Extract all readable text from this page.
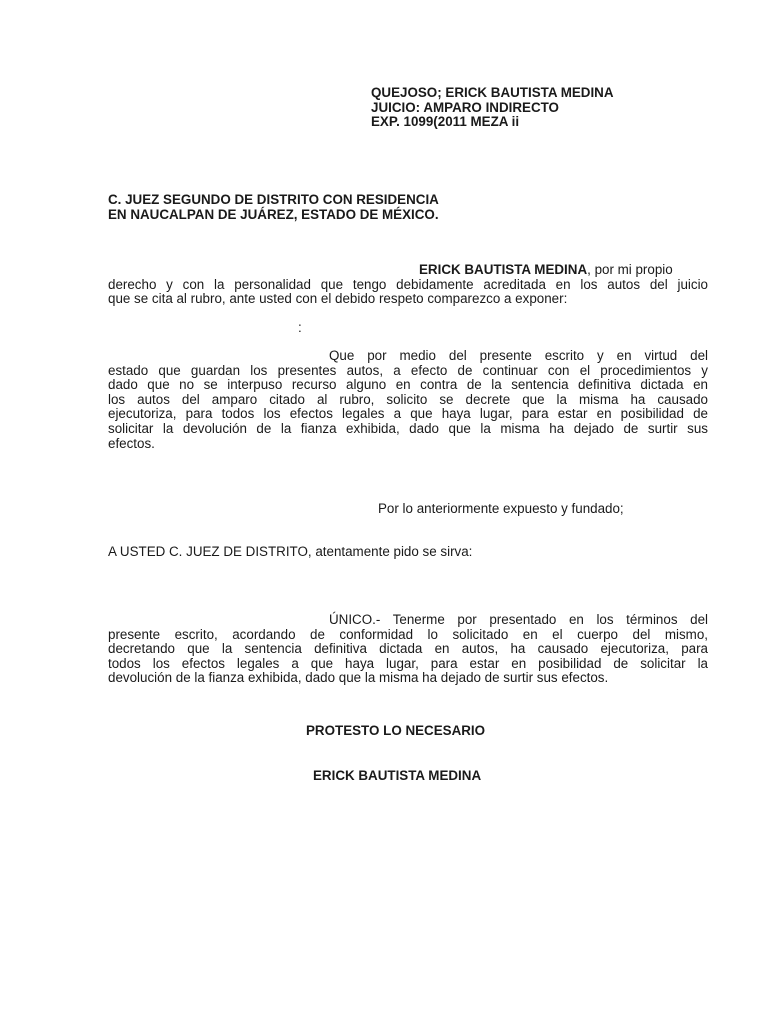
QUEJOSO; ERICK BAUTISTA MEDINA
JUICIO: AMPARO INDIRECTO
EXP. 1099(2011 MEZA ii
C. JUEZ SEGUNDO DE DISTRITO CON RESIDENCIA
EN NAUCALPAN DE JUÁREZ, ESTADO DE MÉXICO.
ERICK BAUTISTA MEDINA, por mi propio
derecho y con la personalidad que tengo debidamente acreditada en los autos del juicio
que se cita al rubro, ante usted con el debido respeto comparezco a exponer:
:
Que por medio del presente escrito y en virtud del
estado que guardan los presentes autos, a efecto de continuar con el procedimientos y
dado que no se interpuso recurso alguno en contra de la sentencia definitiva dictada en
los autos del amparo citado al rubro, solicito se decrete que la misma ha causado
ejecutoriza, para todos los efectos legales a que haya lugar, para estar en posibilidad de
solicitar la devolución de la fianza exhibida, dado que la misma ha dejado de surtir sus
efectos.
Por lo anteriormente expuesto y fundado;
A USTED C. JUEZ DE DISTRITO, atentamente pido se sirva:
ÚNICO.- Tenerme por presentado en los términos del
presente escrito, acordando de conformidad lo solicitado en el cuerpo del mismo,
decretando que la sentencia definitiva dictada en autos, ha causado ejecutoriza, para
todos los efectos legales a que haya lugar, para estar en posibilidad de solicitar la
devolución de la fianza exhibida, dado que la misma ha dejado de surtir sus efectos.
PROTESTO LO NECESARIO
ERICK BAUTISTA MEDINA
